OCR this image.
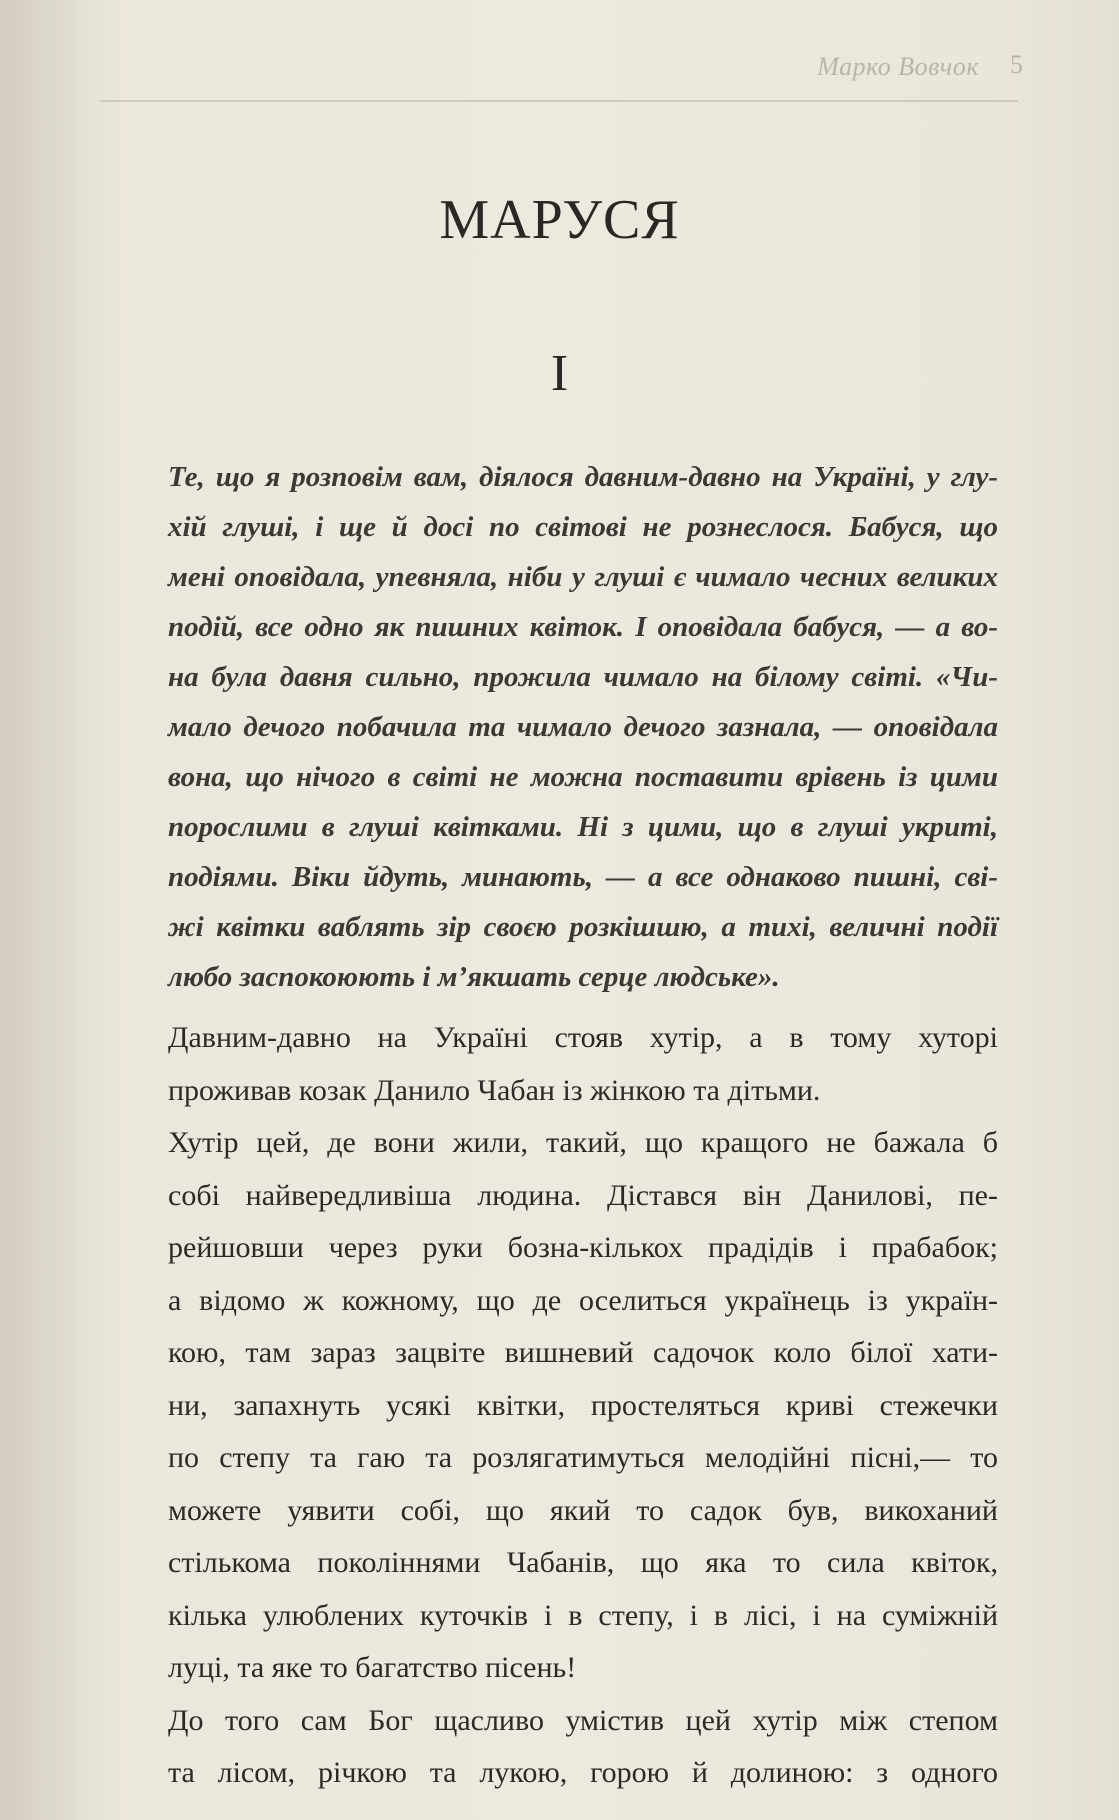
Марко Вовчок 5
МАРУСЯ
I
Те, що я розповім вам, діялося давним-давно на Україні, у глу-
хій глуші, і ще й досі по світові не рознеслося. Бабуся, що
мені оповідала, упевняла, ніби у глуші є чимало чесних великих
подій, все одно як пишних квіток. І оповідала бабуся, — а во-
на була давня сильно, прожила чимало на білому світі. «Чи-
мало дечого побачила та чимало дечого зазнала, — оповідала
вона, що нічого в світі не можна поставити врівень із цими
порослими в глуші квітками. Ні з цими, що в глуші укриті,
подіями. Віки йдуть, минають, — а все однаково пишні, сві-
жі квітки ваблять зір своєю розкішшю, а тихі, величні події
любо заспокоюють і м’якшать серце людське».
Давним-давно на Україні стояв хутір, а в тому хуторі
проживав козак Данило Чабан із жінкою та дітьми.
Хутір цей, де вони жили, такий, що кращого не бажала б
собі найвередливіша людина. Дістався він Данилові, пе-
рейшовши через руки бозна-кількох прадідів і прабабок;
а відомо ж кожному, що де оселиться українець із україн-
кою, там зараз зацвіте вишневий садочок коло білої хати-
ни, запахнуть усякі квітки, простеляться криві стежечки
по степу та гаю та розлягатимуться мелодійні пісні,— то
можете уявити собі, що який то садок був, викоханий
стількома поколіннями Чабанів, що яка то сила квіток,
кілька улюблених куточків і в степу, і в лісі, і на суміжній
луці, та яке то багатство пісень!
До того сам Бог щасливо умістив цей хутір між степом
та лісом, річкою та лукою, горою й долиною: з одного
